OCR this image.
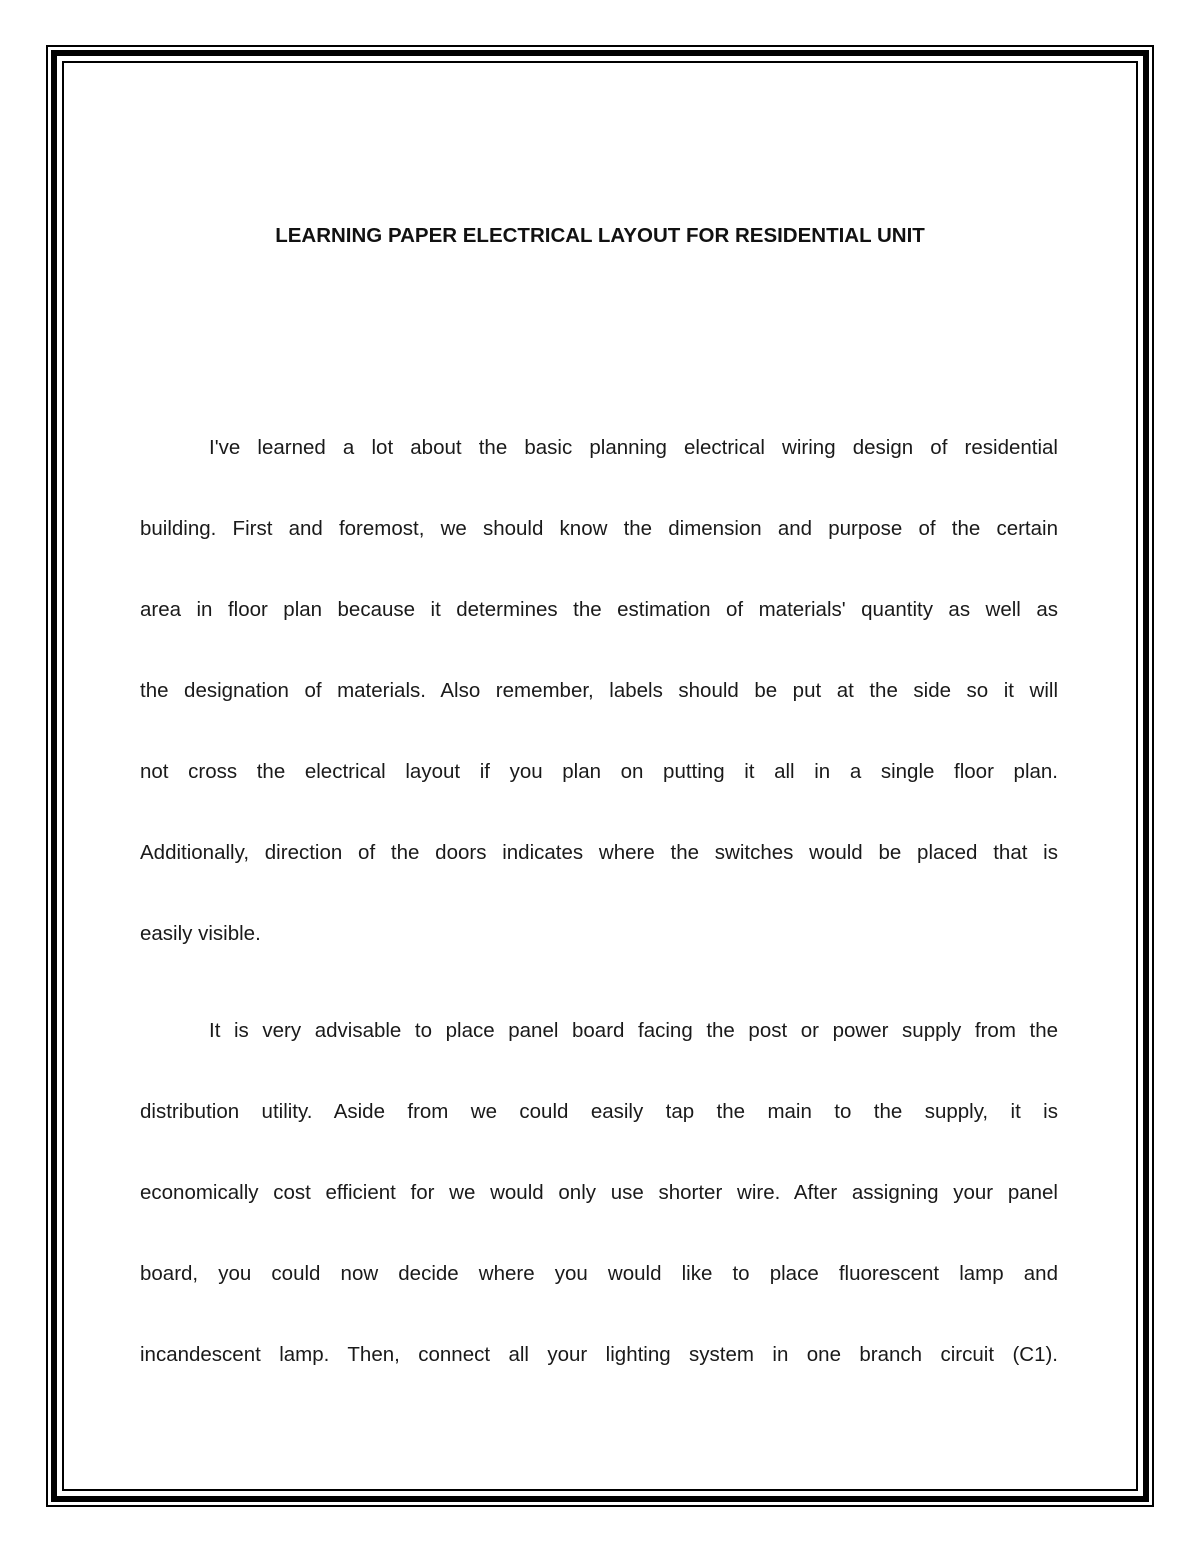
LEARNING PAPER ELECTRICAL LAYOUT FOR RESIDENTIAL UNIT
I've learned a lot about the basic planning electrical wiring design of residential
building. First and foremost, we should know the dimension and purpose of the certain
area in floor plan because it determines the estimation of materials' quantity as well as
the designation of materials. Also remember, labels should be put at the side so it will
not cross the electrical layout if you plan on putting it all in a single floor plan.
Additionally, direction of the doors indicates where the switches would be placed that is
easily visible.
It is very advisable to place panel board facing the post or power supply from the
distribution utility. Aside from we could easily tap the main to the supply, it is
economically cost efficient for we would only use shorter wire. After assigning your panel
board, you could now decide where you would like to place fluorescent lamp and
incandescent lamp. Then, connect all your lighting system in one branch circuit (C1).
